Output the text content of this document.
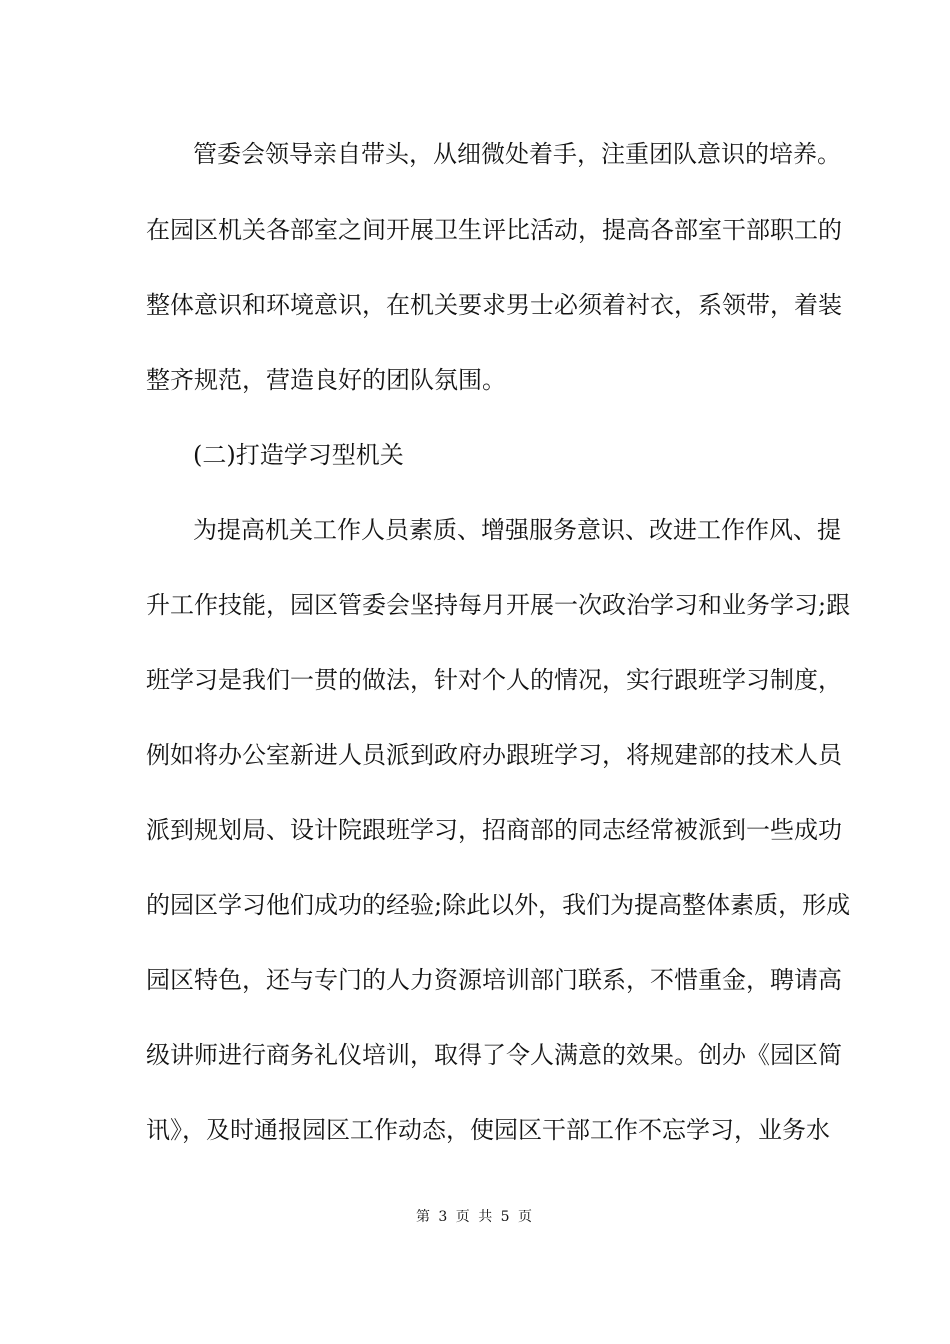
管委会领导亲自带头，从细微处着手，注重团队意识的培养。
在园区机关各部室之间开展卫生评比活动，提高各部室干部职工的
整体意识和环境意识，在机关要求男士必须着衬衣，系领带，着装
整齐规范，营造良好的团队氛围。
(二)打造学习型机关
为提高机关工作人员素质、增强服务意识、改进工作作风、提
升工作技能，园区管委会坚持每月开展一次政治学习和业务学习;跟
班学习是我们一贯的做法，针对个人的情况，实行跟班学习制度，
例如将办公室新进人员派到政府办跟班学习，将规建部的技术人员
派到规划局、设计院跟班学习，招商部的同志经常被派到一些成功
的园区学习他们成功的经验;除此以外，我们为提高整体素质，形成
园区特色，还与专门的人力资源培训部门联系，不惜重金，聘请高
级讲师进行商务礼仪培训，取得了令人满意的效果。创办《园区简
讯》，及时通报园区工作动态，使园区干部工作不忘学习，业务水
第 3 页 共 5 页
